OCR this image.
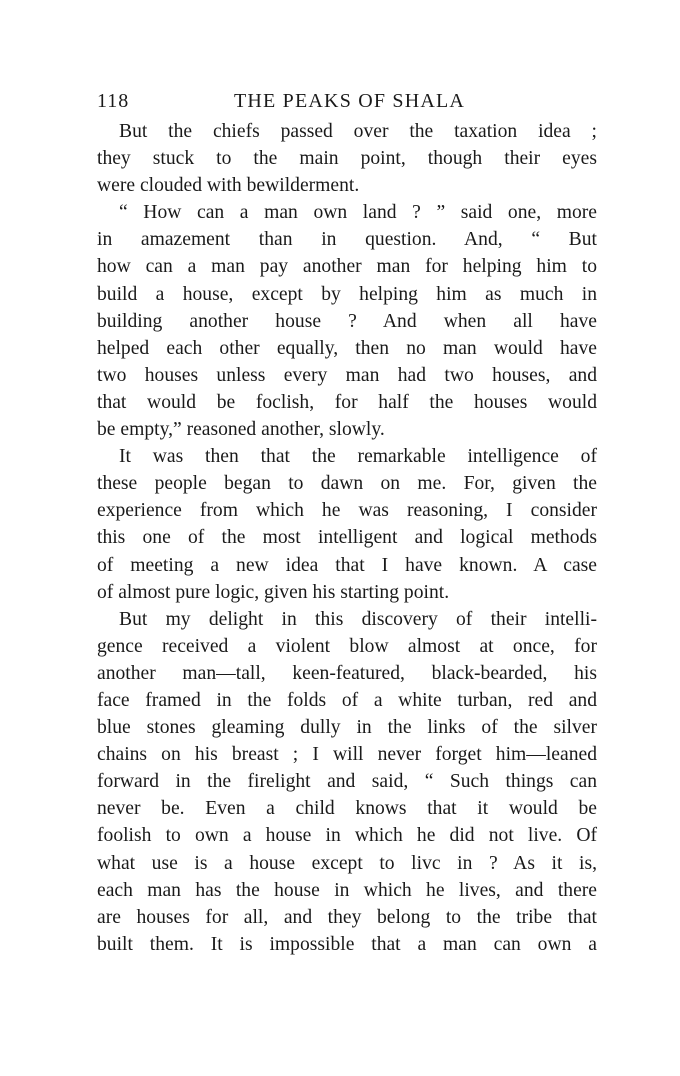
118	THE PEAKS OF SHALA
But the chiefs passed over the taxation idea ;
they stuck to the main point, though their eyes
were clouded with bewilderment.
“ How can a man own land ? ” said one, more
in amazement than in question. And, “ But
how can a man pay another man for helping him to
build a house, except by helping him as much in
building another house ? And when all have
helped each other equally, then no man would have
two houses unless every man had two houses, and
that would be foclish, for half the houses would
be empty,” reasoned another, slowly.
It was then that the remarkable intelligence of
these people began to dawn on me. For, given the
experience from which he was reasoning, I consider
this one of the most intelligent and logical methods
of meeting a new idea that I have known. A case
of almost pure logic, given his starting point.
But my delight in this discovery of their intelli-
gence received a violent blow almost at once, for
another man—tall, keen-featured, black-bearded, his
face framed in the folds of a white turban, red and
blue stones gleaming dully in the links of the silver
chains on his breast ; I will never forget him—leaned
forward in the firelight and said, “ Such things can
never be. Even a child knows that it would be
foolish to own a house in which he did not live. Of
what use is a house except to livc in ? As it is,
each man has the house in which he lives, and there
are houses for all, and they belong to the tribe that
built them. It is impossible that a man can own a
